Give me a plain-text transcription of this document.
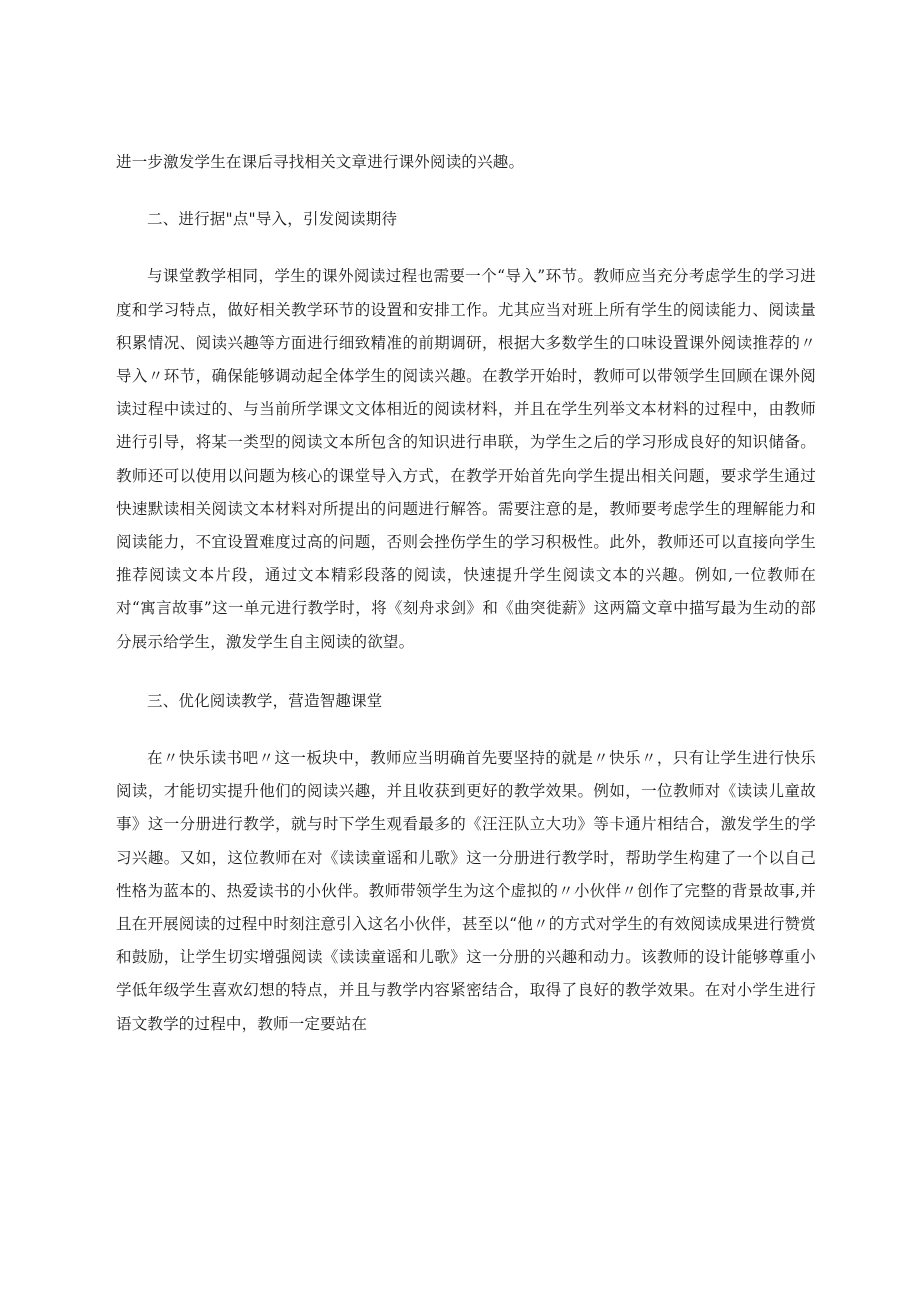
进一步激发学生在课后寻找相关文章进行课外阅读的兴趣。

二、进行据"点"导入，引发阅读期待

与课堂教学相同，学生的课外阅读过程也需要一个“导入”环节。教师应当充分考虑学生的学习进度和学习特点，做好相关教学环节的设置和安排工作。尤其应当对班上所有学生的阅读能力、阅读量积累情况、阅读兴趣等方面进行细致精准的前期调研，根据大多数学生的口味设置课外阅读推荐的〃导入〃环节，确保能够调动起全体学生的阅读兴趣。在教学开始时，教师可以带领学生回顾在课外阅读过程中读过的、与当前所学课文文体相近的阅读材料，并且在学生列举文本材料的过程中，由教师进行引导，将某一类型的阅读文本所包含的知识进行串联，为学生之后的学习形成良好的知识储备。教师还可以使用以问题为核心的课堂导入方式，在教学开始首先向学生提出相关问题，要求学生通过快速默读相关阅读文本材料对所提出的问题进行解答。需要注意的是，教师要考虑学生的理解能力和阅读能力，不宜设置难度过高的问题，否则会挫伤学生的学习积极性。此外，教师还可以直接向学生推荐阅读文本片段，通过文本精彩段落的阅读，快速提升学生阅读文本的兴趣。例如,一位教师在对“寓言故事”这一单元进行教学时，将《刻舟求剑》和《曲突徙薪》这两篇文章中描写最为生动的部分展示给学生，激发学生自主阅读的欲望。

三、优化阅读教学，营造智趣课堂

在〃快乐读书吧〃这一板块中，教师应当明确首先要坚持的就是〃快乐〃，只有让学生进行快乐阅读，才能切实提升他们的阅读兴趣，并且收获到更好的教学效果。例如，一位教师对《读读儿童故事》这一分册进行教学，就与时下学生观看最多的《汪汪队立大功》等卡通片相结合，激发学生的学习兴趣。又如，这位教师在对《读读童谣和儿歌》这一分册进行教学时，帮助学生构建了一个以自己性格为蓝本的、热爱读书的小伙伴。教师带领学生为这个虚拟的〃小伙伴〃创作了完整的背景故事,并且在开展阅读的过程中时刻注意引入这名小伙伴，甚至以“他〃的方式对学生的有效阅读成果进行赞赏和鼓励，让学生切实增强阅读《读读童谣和儿歌》这一分册的兴趣和动力。该教师的设计能够尊重小学低年级学生喜欢幻想的特点，并且与教学内容紧密结合，取得了良好的教学效果。在对小学生进行语文教学的过程中，教师一定要站在
